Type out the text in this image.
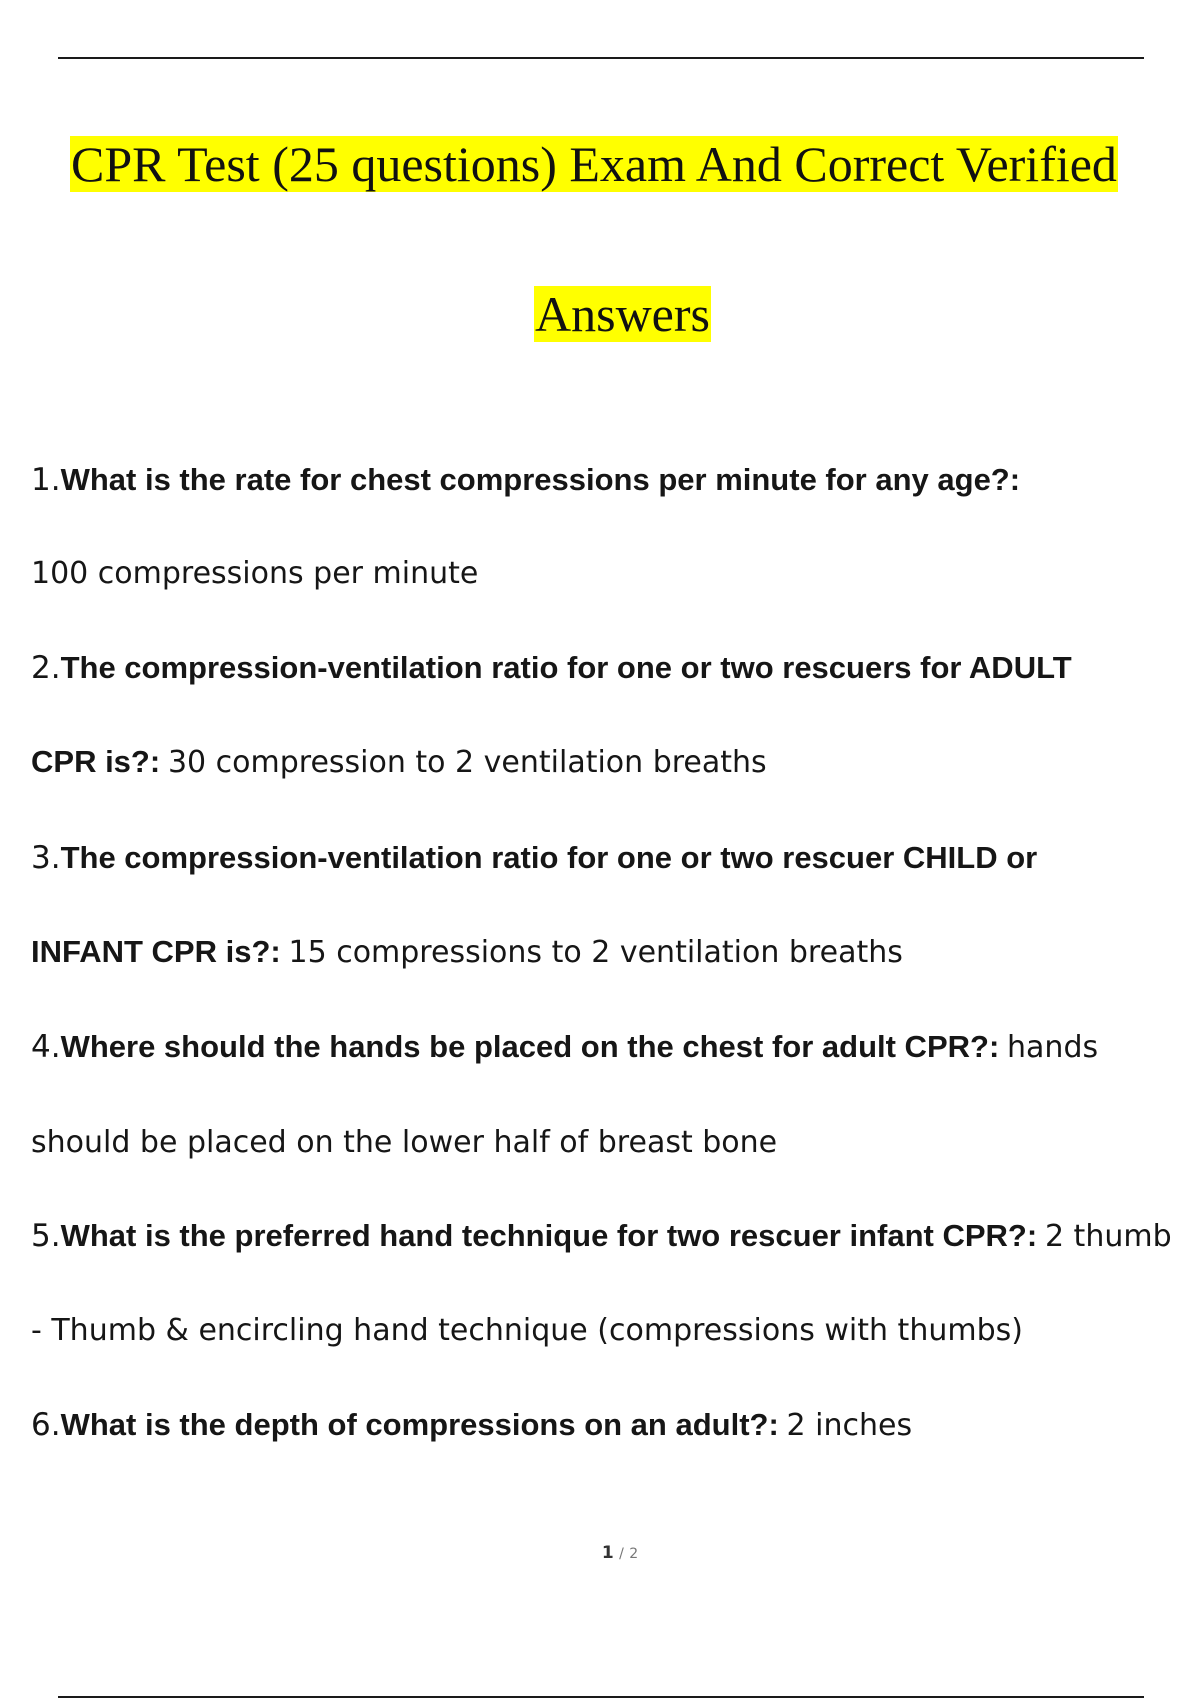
CPR Test (25 questions) Exam And Correct Verified
Answers
1.What is the rate for chest compressions per minute for any age?:
100 compressions per minute
2.The compression-ventilation ratio for one or two rescuers for ADULT
CPR is?: 30 compression to 2 ventilation breaths
3.The compression-ventilation ratio for one or two rescuer CHILD or
INFANT CPR is?: 15 compressions to 2 ventilation breaths
4.Where should the hands be placed on the chest for adult CPR?: hands
should be placed on the lower half of breast bone
5.What is the preferred hand technique for two rescuer infant CPR?: 2 thumb
- Thumb & encircling hand technique (compressions with thumbs)
6.What is the depth of compressions on an adult?: 2 inches
1 / 2
